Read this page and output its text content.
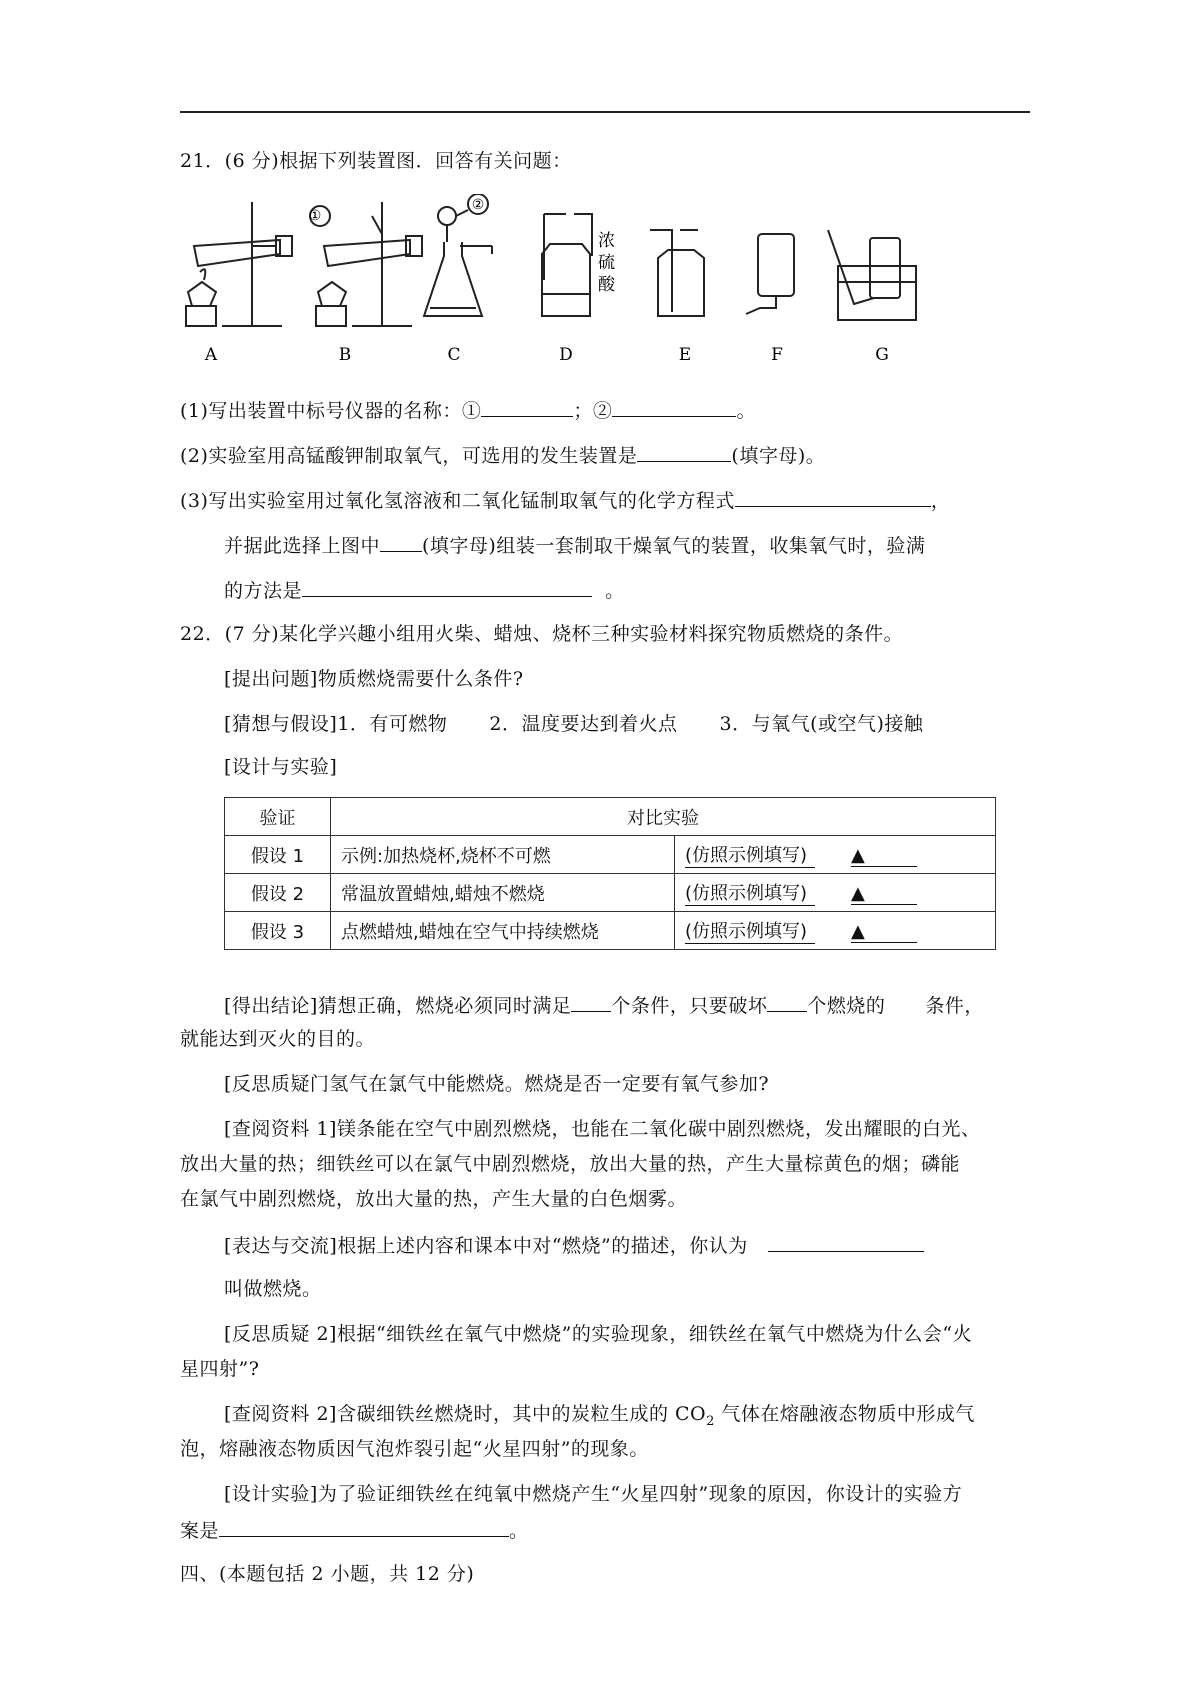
21．(6 分)根据下列装置图．回答有关问题：
①
②
浓
硫
酸
A	B	C	D	E	F	G
(1)写出装置中标号仪器的名称：①	；②	。
(2)实验室用高锰酸钾制取氧气，可选用的发生装置是	(填字母)。
(3)写出实验室用过氧化氢溶液和二氧化锰制取氧气的化学方程式	，
并据此选择上图中 (填字母)组装一套制取干燥氧气的装置，收集氧气时，验满
的方法是	。
22．(7 分)某化学兴趣小组用火柴、蜡烛、烧杯三种实验材料探究物质燃烧的条件。
[提出问题]物质燃烧需要什么条件?
[猜想与假设]1．有可燃物 2．温度要达到着火点 3．与氧气(或空气)接触
[设计与实验]
验证	对比实验	
假设 1	示例:加热烧杯,烧杯不可燃	(仿照示例填写) ▲
假设 2	常温放置蜡烛,蜡烛不燃烧	(仿照示例填写) ▲
假设 3	点燃蜡烛,蜡烛在空气中持续燃烧	(仿照示例填写) ▲
[得出结论]猜想正确，燃烧必须同时满足 个条件，只要破坏 个燃烧的 条件，
就能达到灭火的目的。
[反思质疑门氢气在氯气中能燃烧。燃烧是否一定要有氧气参加?
[查阅资料 1]镁条能在空气中剧烈燃烧，也能在二氧化碳中剧烈燃烧，发出耀眼的白光、
放出大量的热；细铁丝可以在氯气中剧烈燃烧，放出大量的热，产生大量棕黄色的烟；磷能
在氯气中剧烈燃烧，放出大量的热，产生大量的白色烟雾。
[表达与交流]根据上述内容和课本中对“燃烧”的描述，你认为
叫做燃烧。
[反思质疑 2]根据“细铁丝在氧气中燃烧”的实验现象，细铁丝在氧气中燃烧为什么会“火
星四射”?
[查阅资料 2]含碳细铁丝燃烧时，其中的炭粒生成的 $CO_2$ 气体在熔融液态物质中形成气
泡，熔融液态物质因气泡炸裂引起“火星四射”的现象。
[设计实验]为了验证细铁丝在纯氧中燃烧产生“火星四射”现象的原因，你设计的实验方
案是	。
四、(本题包括 2 小题，共 12 分)
